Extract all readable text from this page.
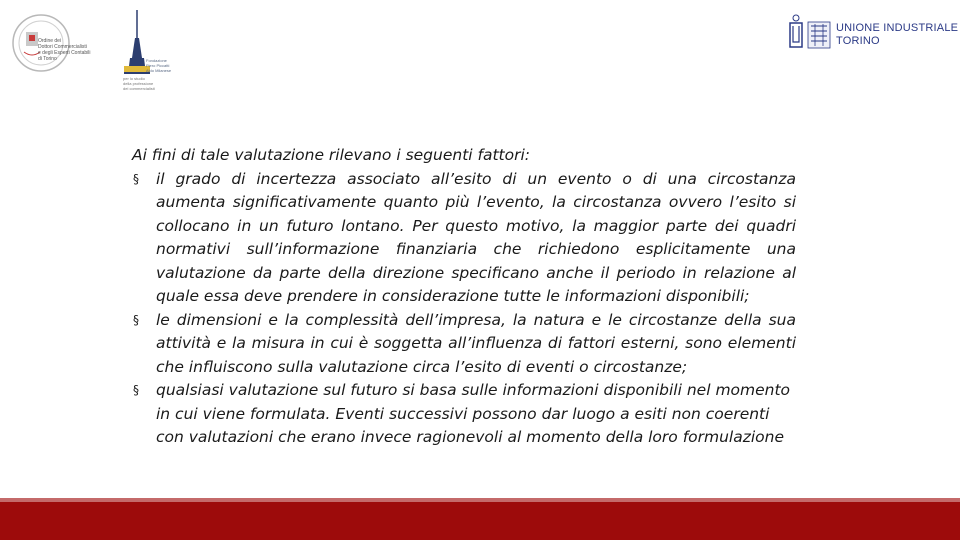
Ordine dei
Dottori Commercialisti
e degli Esperti Contabili
di Torino	Fondazione
Piero Piccatti
Aldo Milanese
per lo studio
della professione
dei commercialisti
UNIONE INDUSTRIALE
TORINO

Ai fini di tale valutazione rilevano i seguenti fattori:

§ il grado di incertezza associato all’esito di un evento o di una circostanza aumenta significativamente quanto più l’evento, la circostanza ovvero l’esito si collocano in un futuro lontano. Per questo motivo, la maggior parte dei quadri normativi sull’informazione finanziaria che richiedono esplicitamente una valutazione da parte della direzione specificano anche il periodo in relazione al quale essa deve prendere in considerazione tutte le informazioni disponibili;
§ le dimensioni e la complessità dell’impresa, la natura e le circostanze della sua attività e la misura in cui è soggetta all’influenza di fattori esterni, sono elementi che influiscono sulla valutazione circa l’esito di eventi o circostanze;
§ qualsiasi valutazione sul futuro si basa sulle informazioni disponibili nel momento in cui viene formulata. Eventi successivi possono dar luogo a esiti non coerenti con valutazioni che erano invece ragionevoli al momento della loro formulazione
